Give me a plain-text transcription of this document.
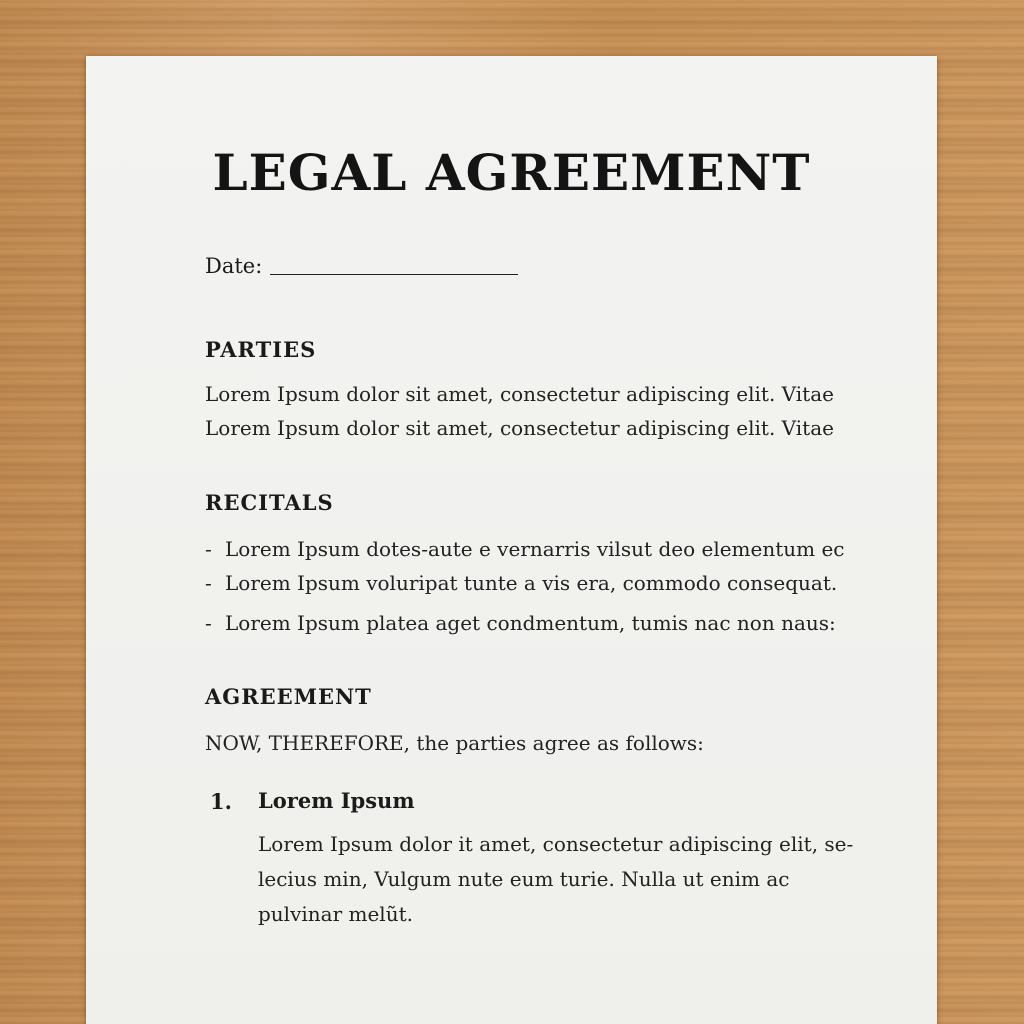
LEGAL AGREEMENT
Date:
PARTIES
Lorem Ipsum dolor sit amet, consectetur adipiscing elit. Vitae
Lorem Ipsum dolor sit amet, consectetur adipiscing elit. Vitae
RECITALS
- Lorem Ipsum dotes-aute e vernarris vilsut deo elementum ec
- Lorem Ipsum voluripat tunte a vis era, commodo consequat.
- Lorem Ipsum platea aget condmentum, tumis nac non naus:
AGREEMENT
NOW, THEREFORE, the parties agree as follows:
1. Lorem Ipsum
Lorem Ipsum dolor it amet, consectetur adipiscing elit, se-
lecius min, Vulgum nute eum turie. Nulla ut enim ac
pulvinar melũt.
